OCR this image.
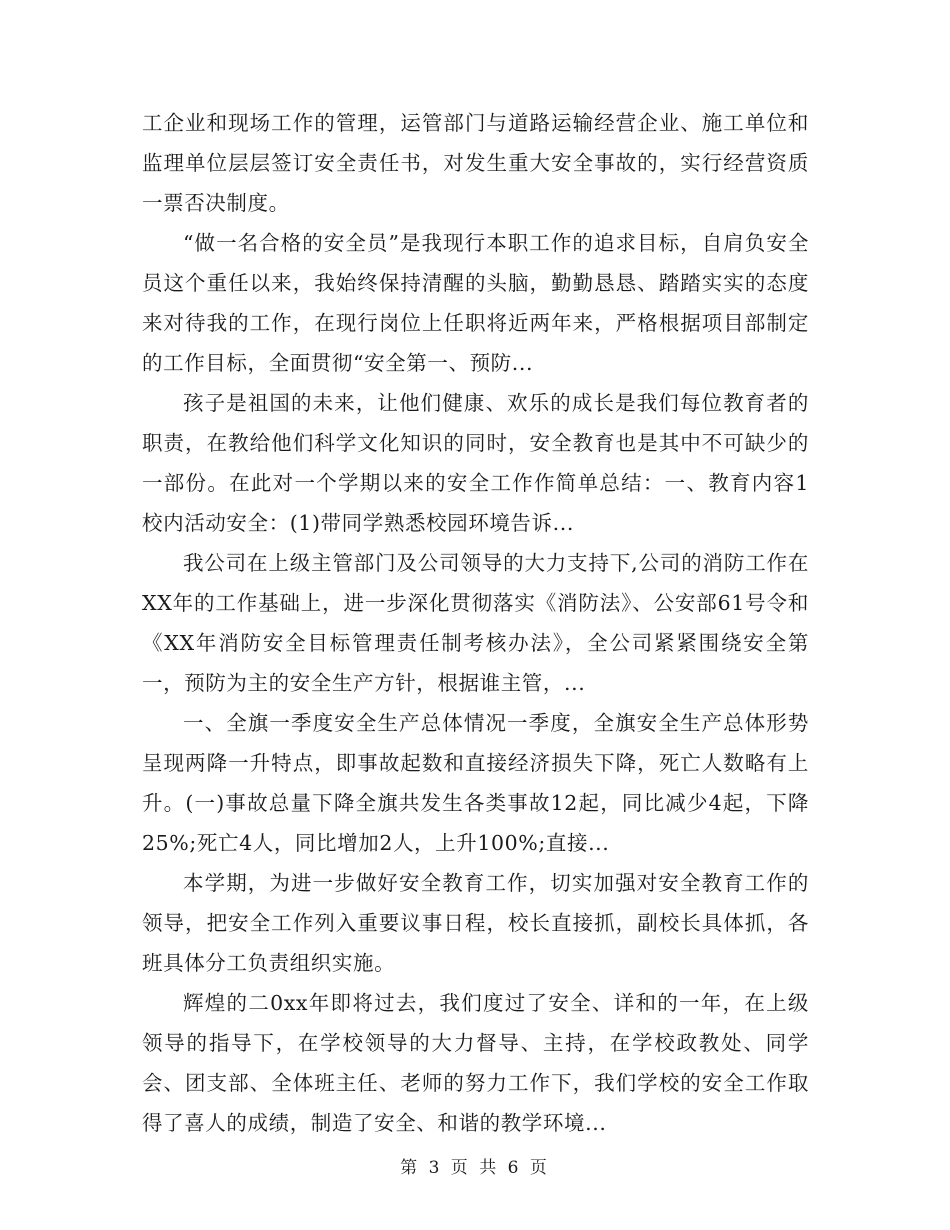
工企业和现场工作的管理，运管部门与道路运输经营企业、施工单位和监理单位层层签订安全责任书，对发生重大安全事故的，实行经营资质一票否决制度。

“做一名合格的安全员”是我现行本职工作的追求目标，自肩负安全员这个重任以来，我始终保持清醒的头脑，勤勤恳恳、踏踏实实的态度来对待我的工作，在现行岗位上任职将近两年来，严格根据项目部制定的工作目标，全面贯彻“安全第一、预防...

孩子是祖国的未来，让他们健康、欢乐的成长是我们每位教育者的职责，在教给他们科学文化知识的同时，安全教育也是其中不可缺少的一部份。在此对一个学期以来的安全工作作简单总结：一、教育内容1 校内活动安全：(1)带同学熟悉校园环境告诉...

我公司在上级主管部门及公司领导的大力支持下,公司的消防工作在XX年的工作基础上，进一步深化贯彻落实《消防法》、公安部61号令和《XX年消防安全目标管理责任制考核办法》，全公司紧紧围绕安全第一，预防为主的安全生产方针，根据谁主管，...

一、全旗一季度安全生产总体情况一季度，全旗安全生产总体形势呈现两降一升特点，即事故起数和直接经济损失下降，死亡人数略有上升。(一)事故总量下降全旗共发生各类事故12起，同比减少4起，下降25%;死亡4人，同比增加2人，上升100%;直接...

本学期，为进一步做好安全教育工作，切实加强对安全教育工作的领导，把安全工作列入重要议事日程，校长直接抓，副校长具体抓，各班具体分工负责组织实施。

辉煌的二0xx年即将过去，我们度过了安全、详和的一年，在上级领导的指导下，在学校领导的大力督导、主持，在学校政教处、同学会、团支部、全体班主任、老师的努力工作下，我们学校的安全工作取得了喜人的成绩，制造了安全、和谐的教学环境...

第 3 页 共 6 页
